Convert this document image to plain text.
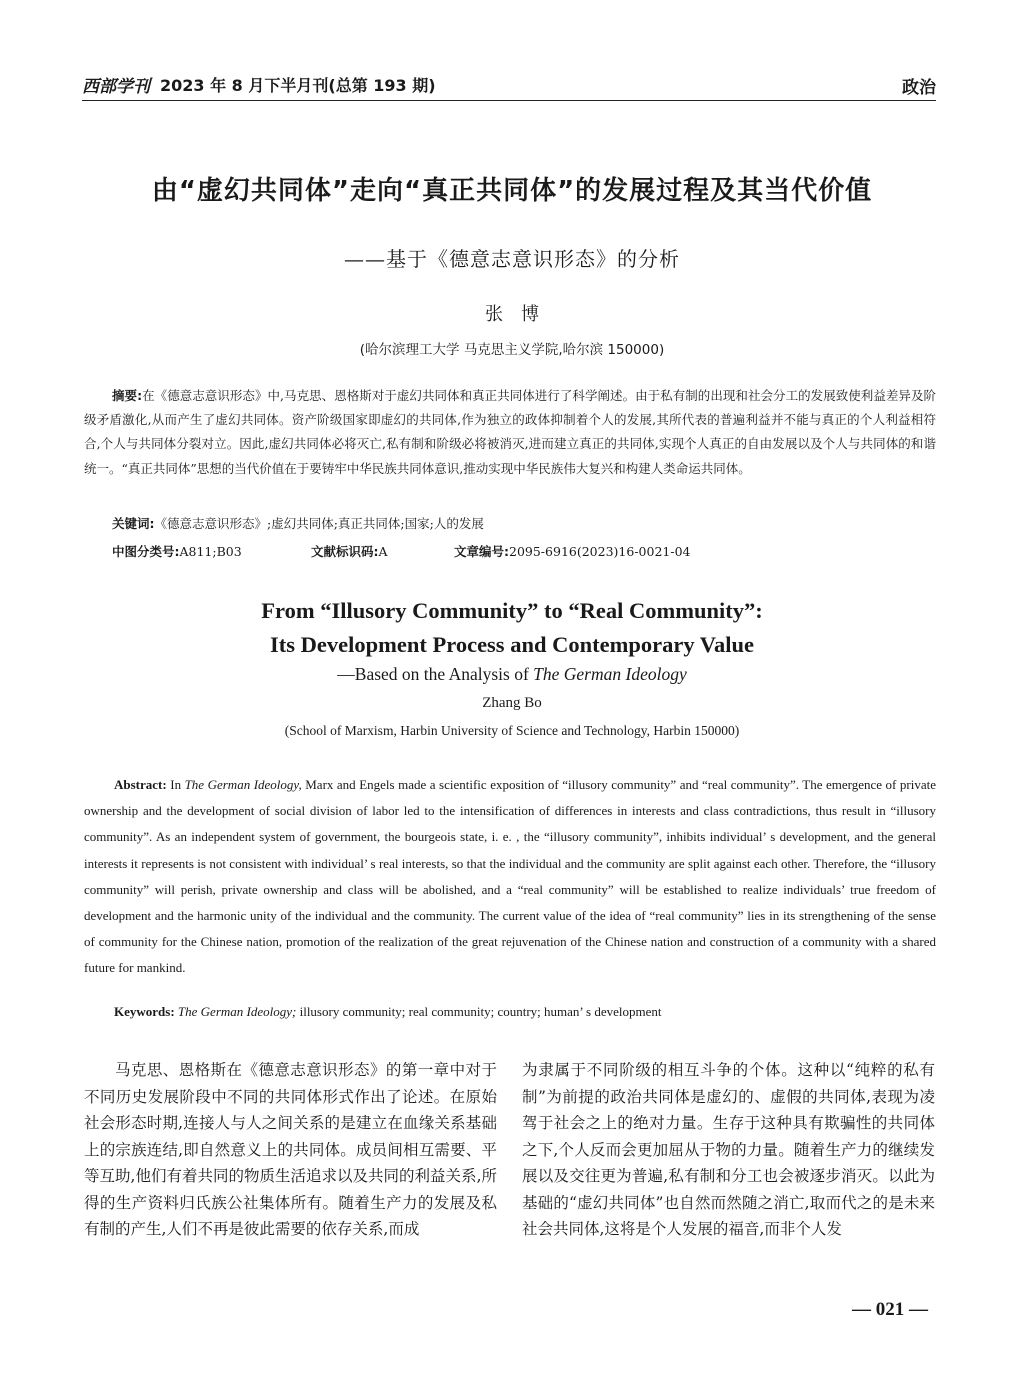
西部学刊 2023 年 8 月下半月刊(总第 193 期)	政治
由“虚幻共同体”走向“真正共同体”的发展过程及其当代价值
——基于《德意志意识形态》的分析
张博
(哈尔滨理工大学 马克思主义学院,哈尔滨 150000)

摘要:在《德意志意识形态》中,马克思、恩格斯对于虚幻共同体和真正共同体进行了科学阐述。由于私有制的出现和社会分工的发展致使利益差异及阶级矛盾激化,从而产生了虚幻共同体。资产阶级国家即虚幻的共同体,作为独立的政体抑制着个人的发展,其所代表的普遍利益并不能与真正的个人利益相符合,个人与共同体分裂对立。因此,虚幻共同体必将灭亡,私有制和阶级必将被消灭,进而建立真正的共同体,实现个人真正的自由发展以及个人与共同体的和谐统一。“真正共同体”思想的当代价值在于要铸牢中华民族共同体意识,推动实现中华民族伟大复兴和构建人类命运共同体。

关键词:《德意志意识形态》;虚幻共同体;真正共同体;国家;人的发展
中图分类号:A811;B03	文献标识码:A	文章编号:2095-6916(2023)16-0021-04
From “Illusory Community” to “Real Community”:
Its Development Process and Contemporary Value
—Based on the Analysis of The German Ideology
Zhang Bo
(School of Marxism, Harbin University of Science and Technology, Harbin 150000)

Abstract: In The German Ideology, Marx and Engels made a scientific exposition of “illusory community” and “real community”. The emergence of private ownership and the development of social division of labor led to the intensification of differences in interests and class contradictions, thus result in “illusory community”. As an independent system of government, the bourgeois state, i. e. , the “illusory community”, inhibits individual’ s development, and the general interests it represents is not consistent with individual’ s real interests, so that the individual and the community are split against each other. Therefore, the “illusory community” will perish, private ownership and class will be abolished, and a “real community” will be established to realize individuals’ true freedom of development and the harmonic unity of the individual and the community. The current value of the idea of “real community” lies in its strengthening of the sense of community for the Chinese nation, promotion of the realization of the great rejuvenation of the Chinese nation and construction of a community with a shared future for mankind.

Keywords: The German Ideology; illusory community; real community; country; human’ s development

马克思、恩格斯在《德意志意识形态》的第一章中对于不同历史发展阶段中不同的共同体形式作出了论述。在原始社会形态时期,连接人与人之间关系的是建立在血缘关系基础上的宗族连结,即自然意义上的共同体。成员间相互需要、平等互助,他们有着共同的物质生活追求以及共同的利益关系,所得的生产资料归氏族公社集体所有。随着生产力的发展及私有制的产生,人们不再是彼此需要的依存关系,而成

为隶属于不同阶级的相互斗争的个体。这种以“纯粹的私有制”为前提的政治共同体是虚幻的、虚假的共同体,表现为凌驾于社会之上的绝对力量。生存于这种具有欺骗性的共同体之下,个人反而会更加屈从于物的力量。随着生产力的继续发展以及交往更为普遍,私有制和分工也会被逐步消灭。以此为基础的“虚幻共同体”也自然而然随之消亡,取而代之的是未来社会共同体,这将是个人发展的福音,而非个人发

— 021 —
